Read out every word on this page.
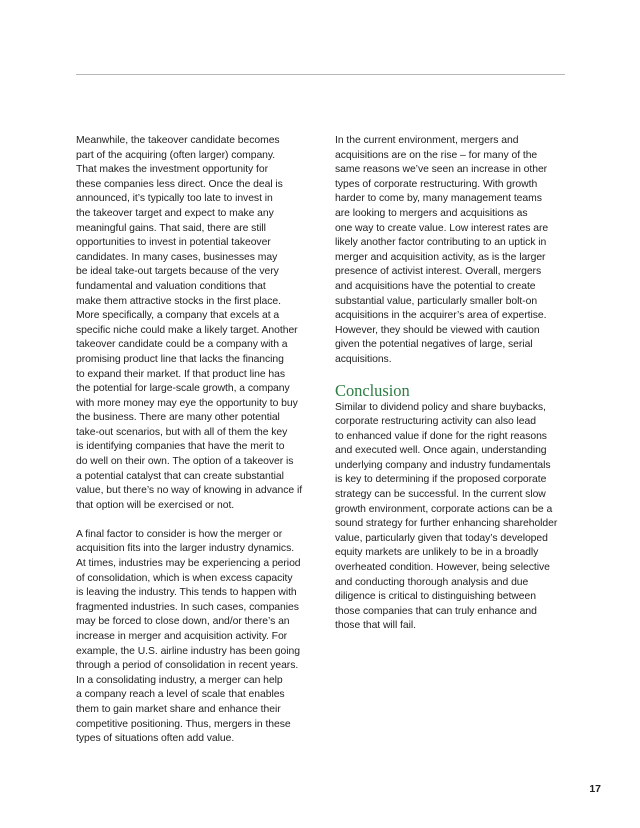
Meanwhile, the takeover candidate becomes
part of the acquiring (often larger) company.
That makes the investment opportunity for
these companies less direct. Once the deal is
announced, it’s typically too late to invest in
the takeover target and expect to make any
meaningful gains. That said, there are still
opportunities to invest in potential takeover
candidates. In many cases, businesses may
be ideal take-out targets because of the very
fundamental and valuation conditions that
make them attractive stocks in the first place.
More specifically, a company that excels at a
specific niche could make a likely target. Another
takeover candidate could be a company with a
promising product line that lacks the financing
to expand their market. If that product line has
the potential for large-scale growth, a company
with more money may eye the opportunity to buy
the business. There are many other potential
take-out scenarios, but with all of them the key
is identifying companies that have the merit to
do well on their own. The option of a takeover is
a potential catalyst that can create substantial
value, but there’s no way of knowing in advance if
that option will be exercised or not.
A final factor to consider is how the merger or
acquisition fits into the larger industry dynamics.
At times, industries may be experiencing a period
of consolidation, which is when excess capacity
is leaving the industry. This tends to happen with
fragmented industries. In such cases, companies
may be forced to close down, and/or there’s an
increase in merger and acquisition activity. For
example, the U.S. airline industry has been going
through a period of consolidation in recent years.
In a consolidating industry, a merger can help
a company reach a level of scale that enables
them to gain market share and enhance their
competitive positioning. Thus, mergers in these
types of situations often add value.
In the current environment, mergers and
acquisitions are on the rise – for many of the
same reasons we’ve seen an increase in other
types of corporate restructuring. With growth
harder to come by, many management teams
are looking to mergers and acquisitions as
one way to create value. Low interest rates are
likely another factor contributing to an uptick in
merger and acquisition activity, as is the larger
presence of activist interest. Overall, mergers
and acquisitions have the potential to create
substantial value, particularly smaller bolt-on
acquisitions in the acquirer’s area of expertise.
However, they should be viewed with caution
given the potential negatives of large, serial
acquisitions.
Conclusion
Similar to dividend policy and share buybacks,
corporate restructuring activity can also lead
to enhanced value if done for the right reasons
and executed well. Once again, understanding
underlying company and industry fundamentals
is key to determining if the proposed corporate
strategy can be successful. In the current slow
growth environment, corporate actions can be a
sound strategy for further enhancing shareholder
value, particularly given that today’s developed
equity markets are unlikely to be in a broadly
overheated condition. However, being selective
and conducting thorough analysis and due
diligence is critical to distinguishing between
those companies that can truly enhance and
those that will fail.
17
